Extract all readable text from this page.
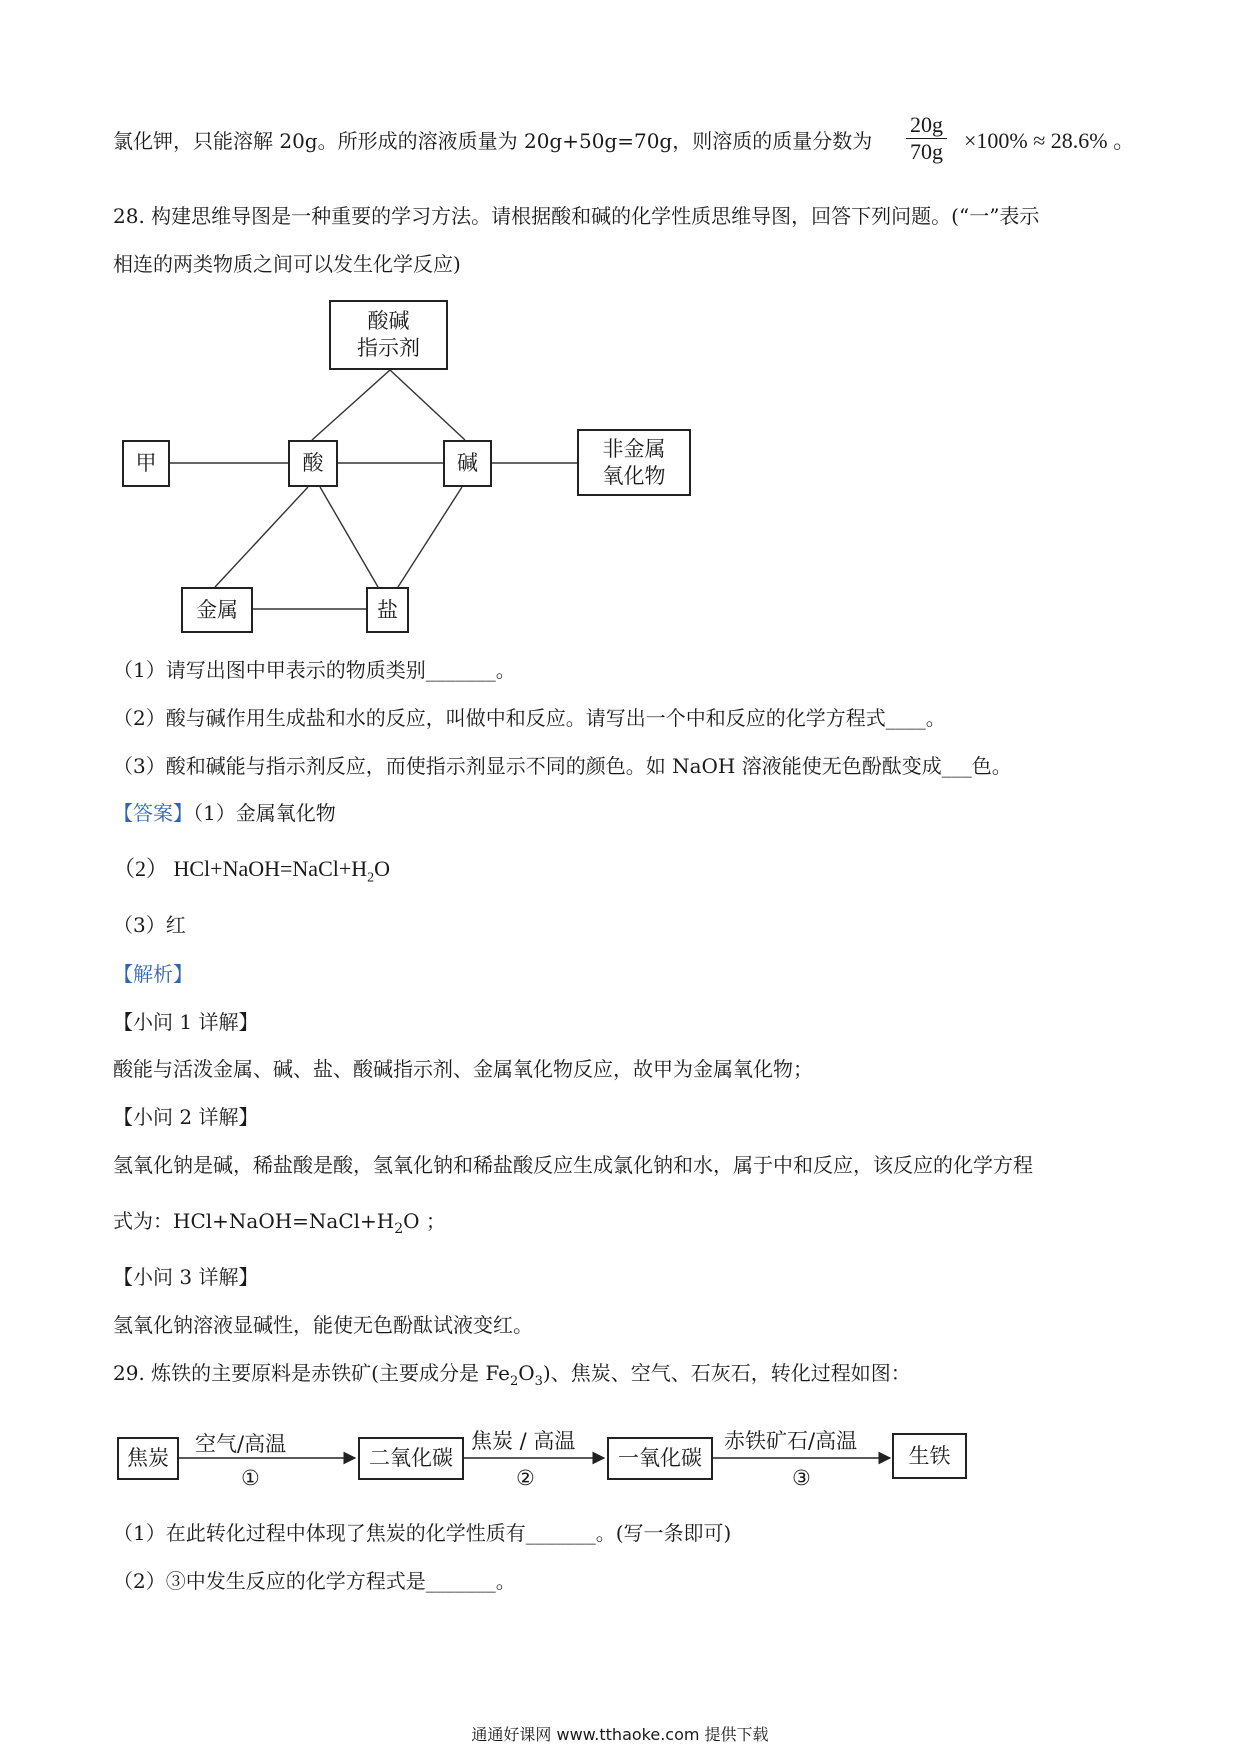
氯化钾，只能溶解 20g。所形成的溶液质量为 20g+50g=70g，则溶质的质量分数为 $\frac{20g}{70g} \times 100\% \approx 28.6\%$ 。
28. 构建思维导图是一种重要的学习方法。请根据酸和碱的化学性质思维导图，回答下列问题。(“一”表示
相连的两类物质之间可以发生化学反应)
酸碱
指示剂
甲	酸	碱
非金属
氧化物
金属	盐
（1）请写出图中甲表示的物质类别_______。
（2）酸与碱作用生成盐和水的反应，叫做中和反应。请写出一个中和反应的化学方程式____。
（3）酸和碱能与指示剂反应，而使指示剂显示不同的颜色。如 NaOH 溶液能使无色酚酞变成___色。
【答案】（1）金属氧化物
（2） $HCl+NaOH=NaCl+H_2O$
（3）红
【解析】
【小问 1 详解】
酸能与活泼金属、碱、盐、酸碱指示剂、金属氧化物反应，故甲为金属氧化物；
【小问 2 详解】
氢氧化钠是碱，稀盐酸是酸，氢氧化钠和稀盐酸反应生成氯化钠和水，属于中和反应，该反应的化学方程
式为：$HCl+NaOH=NaCl+H_2O$ ；
【小问 3 详解】
氢氧化钠溶液显碱性，能使无色酚酞试液变红。
29. 炼铁的主要原料是赤铁矿(主要成分是 $Fe_2O_3$)、焦炭、空气、石灰石，转化过程如图：
焦炭	二氧化碳	一氧化碳	生铁
空气/高温
①
焦炭 / 高温
②
赤铁矿石/高温
③
（1）在此转化过程中体现了焦炭的化学性质有_______。(写一条即可)
（2）③中发生反应的化学方程式是_______。
通通好课网 www.tthaoke.com 提供下载
